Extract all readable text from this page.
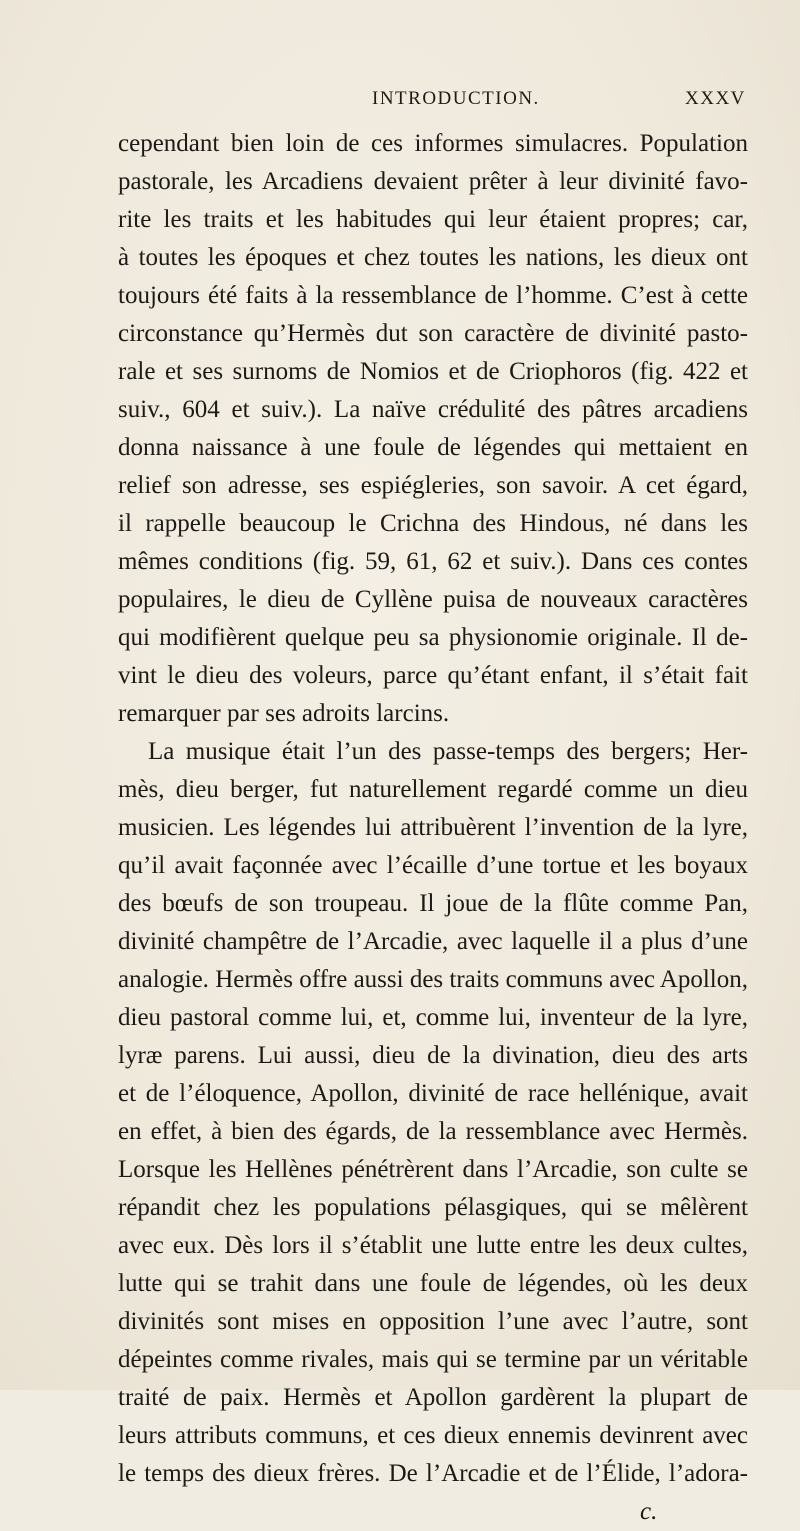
INTRODUCTION.	XXXV
cependant bien loin de ces informes simulacres. Population
pastorale, les Arcadiens devaient prêter à leur divinité favo-
rite les traits et les habitudes qui leur étaient propres; car,
à toutes les époques et chez toutes les nations, les dieux ont
toujours été faits à la ressemblance de l’homme. C’est à cette
circonstance qu’Hermès dut son caractère de divinité pasto-
rale et ses surnoms de Nomios et de Criophoros (fig. 422 et
suiv., 604 et suiv.). La naïve crédulité des pâtres arcadiens
donna naissance à une foule de légendes qui mettaient en
relief son adresse, ses espiégleries, son savoir. A cet égard,
il rappelle beaucoup le Crichna des Hindous, né dans les
mêmes conditions (fig. 59, 61, 62 et suiv.). Dans ces contes
populaires, le dieu de Cyllène puisa de nouveaux caractères
qui modifièrent quelque peu sa physionomie originale. Il de-
vint le dieu des voleurs, parce qu’étant enfant, il s’était fait
remarquer par ses adroits larcins.
La musique était l’un des passe-temps des bergers; Her-
mès, dieu berger, fut naturellement regardé comme un dieu
musicien. Les légendes lui attribuèrent l’invention de la lyre,
qu’il avait façonnée avec l’écaille d’une tortue et les boyaux
des bœufs de son troupeau. Il joue de la flûte comme Pan,
divinité champêtre de l’Arcadie, avec laquelle il a plus d’une
analogie. Hermès offre aussi des traits communs avec Apollon,
dieu pastoral comme lui, et, comme lui, inventeur de la lyre,
lyræ parens. Lui aussi, dieu de la divination, dieu des arts
et de l’éloquence, Apollon, divinité de race hellénique, avait
en effet, à bien des égards, de la ressemblance avec Hermès.
Lorsque les Hellènes pénétrèrent dans l’Arcadie, son culte se
répandit chez les populations pélasgiques, qui se mêlèrent
avec eux. Dès lors il s’établit une lutte entre les deux cultes,
lutte qui se trahit dans une foule de légendes, où les deux
divinités sont mises en opposition l’une avec l’autre, sont
dépeintes comme rivales, mais qui se termine par un véritable
traité de paix. Hermès et Apollon gardèrent la plupart de
leurs attributs communs, et ces dieux ennemis devinrent avec
le temps des dieux frères. De l’Arcadie et de l’Élide, l’adora-
c.
